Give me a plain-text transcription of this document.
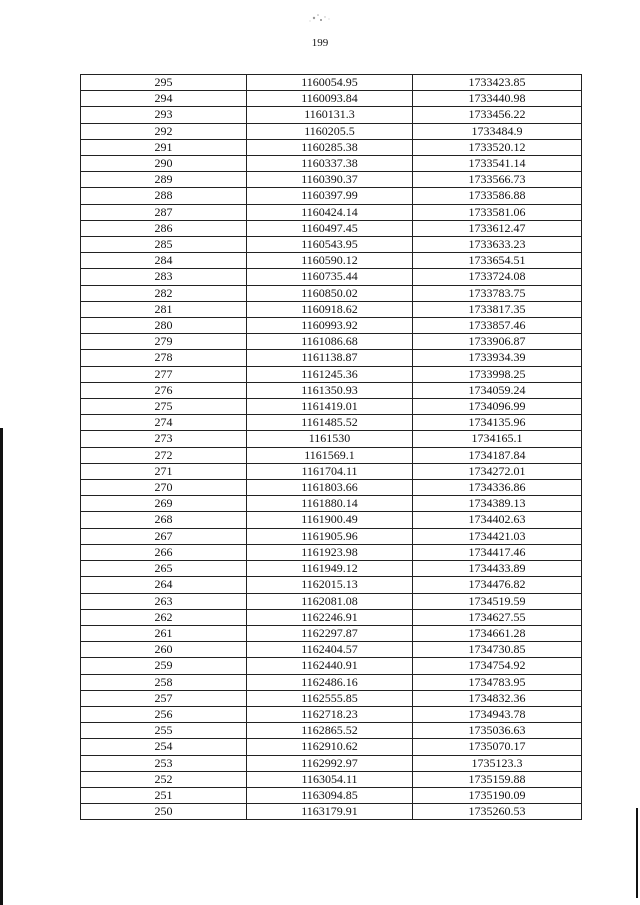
199
295	1160054.95	1733423.85
294	1160093.84	1733440.98
293	1160131.3	1733456.22
292	1160205.5	1733484.9
291	1160285.38	1733520.12
290	1160337.38	1733541.14
289	1160390.37	1733566.73
288	1160397.99	1733586.88
287	1160424.14	1733581.06
286	1160497.45	1733612.47
285	1160543.95	1733633.23
284	1160590.12	1733654.51
283	1160735.44	1733724.08
282	1160850.02	1733783.75
281	1160918.62	1733817.35
280	1160993.92	1733857.46
279	1161086.68	1733906.87
278	1161138.87	1733934.39
277	1161245.36	1733998.25
276	1161350.93	1734059.24
275	1161419.01	1734096.99
274	1161485.52	1734135.96
273	1161530	1734165.1
272	1161569.1	1734187.84
271	1161704.11	1734272.01
270	1161803.66	1734336.86
269	1161880.14	1734389.13
268	1161900.49	1734402.63
267	1161905.96	1734421.03
266	1161923.98	1734417.46
265	1161949.12	1734433.89
264	1162015.13	1734476.82
263	1162081.08	1734519.59
262	1162246.91	1734627.55
261	1162297.87	1734661.28
260	1162404.57	1734730.85
259	1162440.91	1734754.92
258	1162486.16	1734783.95
257	1162555.85	1734832.36
256	1162718.23	1734943.78
255	1162865.52	1735036.63
254	1162910.62	1735070.17
253	1162992.97	1735123.3
252	1163054.11	1735159.88
251	1163094.85	1735190.09
250	1163179.91	1735260.53
